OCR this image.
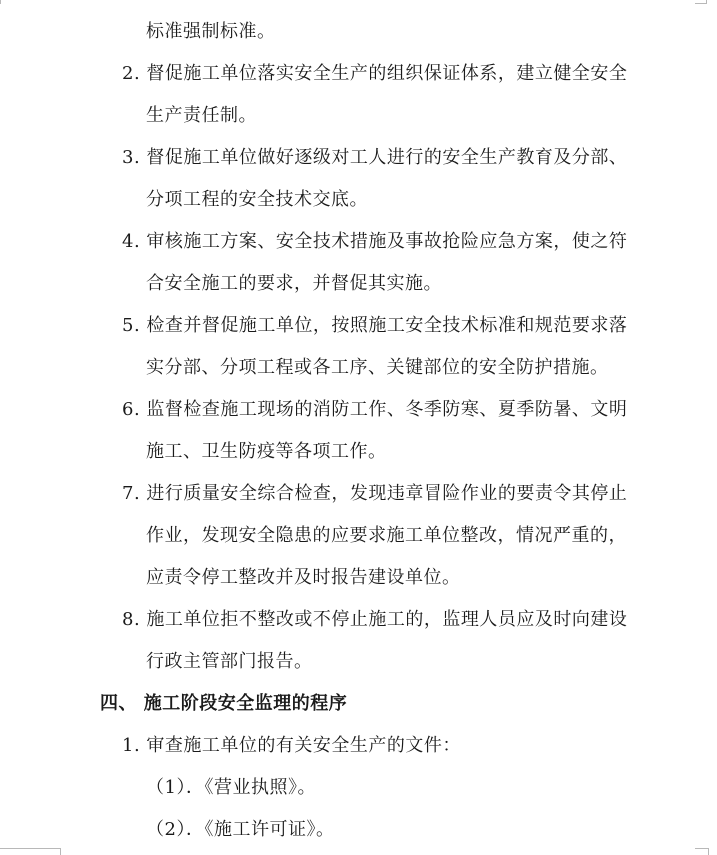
标准强制标准。
2. 督促施工单位落实安全生产的组织保证体系，建立健全安全
生产责任制。
3. 督促施工单位做好逐级对工人进行的安全生产教育及分部、
分项工程的安全技术交底。
4. 审核施工方案、安全技术措施及事故抢险应急方案，使之符
合安全施工的要求，并督促其实施。
5. 检查并督促施工单位，按照施工安全技术标准和规范要求落
实分部、分项工程或各工序、关键部位的安全防护措施。
6. 监督检查施工现场的消防工作、冬季防寒、夏季防暑、文明
施工、卫生防疫等各项工作。
7. 进行质量安全综合检查，发现违章冒险作业的要责令其停止
作业，发现安全隐患的应要求施工单位整改，情况严重的，
应责令停工整改并及时报告建设单位。
8. 施工单位拒不整改或不停止施工的，监理人员应及时向建设
行政主管部门报告。
四、 施工阶段安全监理的程序
1. 审查施工单位的有关安全生产的文件：
（1）．《营业执照》。
（2）．《施工许可证》。
